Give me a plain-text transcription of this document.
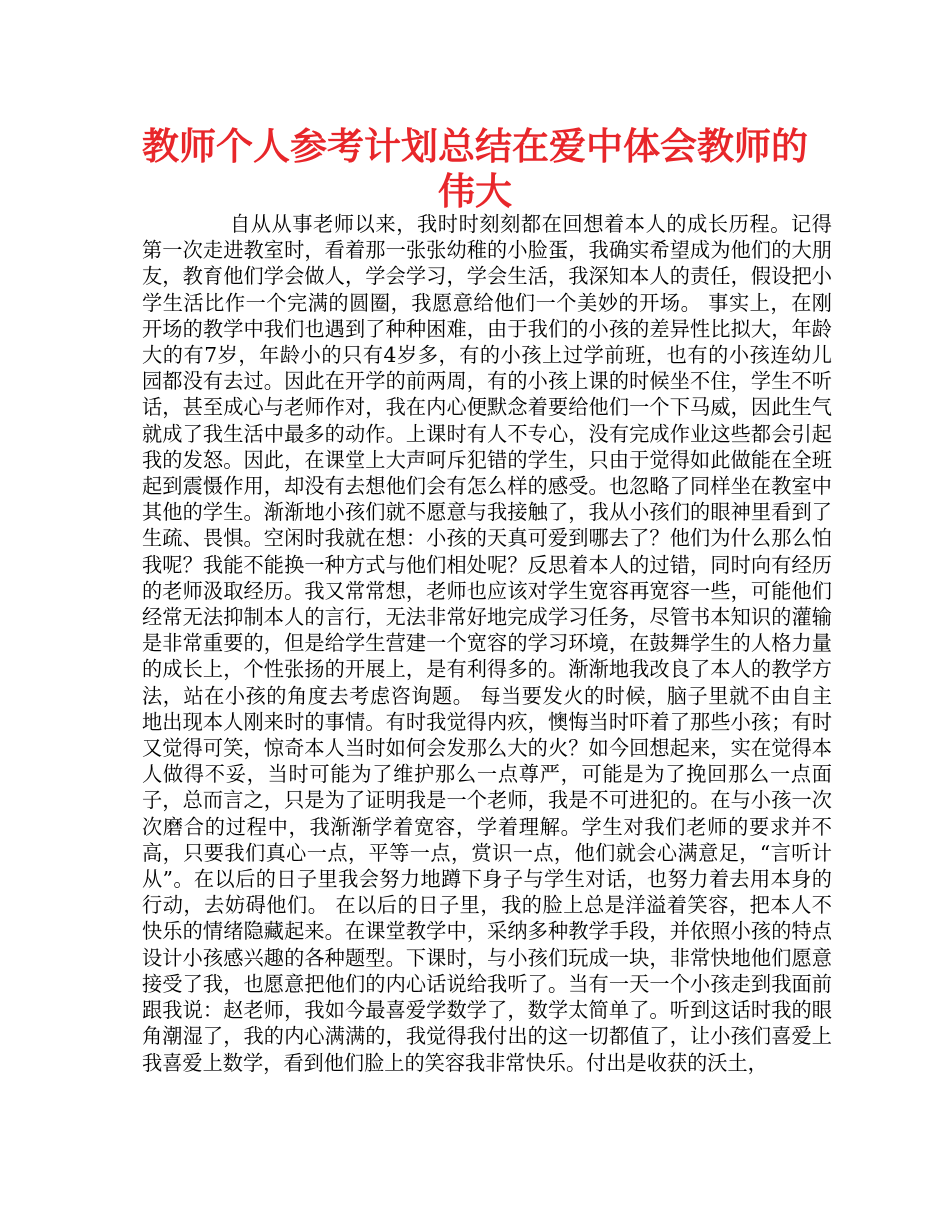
教师个人参考计划总结在爱中体会教师的伟大

自从从事老师以来，我时时刻刻都在回想着本人的成长历程。记得第一次走进教室时，看着那一张张幼稚的小脸蛋，我确实希望成为他们的大朋友，教育他们学会做人，学会学习，学会生活，我深知本人的责任，假设把小学生活比作一个完满的圆圈，我愿意给他们一个美妙的开场。 事实上，在刚开场的教学中我们也遇到了种种困难，由于我们的小孩的差异性比拟大，年龄大的有7岁，年龄小的只有4岁多，有的小孩上过学前班，也有的小孩连幼儿园都没有去过。因此在开学的前两周，有的小孩上课的时候坐不住，学生不听话，甚至成心与老师作对，我在内心便默念着要给他们一个下马威，因此生气就成了我生活中最多的动作。上课时有人不专心，没有完成作业这些都会引起我的发怒。因此，在课堂上大声呵斥犯错的学生，只由于觉得如此做能在全班起到震慑作用，却没有去想他们会有怎么样的感受。也忽略了同样坐在教室中其他的学生。渐渐地小孩们就不愿意与我接触了，我从小孩们的眼神里看到了生疏、畏惧。空闲时我就在想：小孩的天真可爱到哪去了？他们为什么那么怕我呢？我能不能换一种方式与他们相处呢？反思着本人的过错，同时向有经历的老师汲取经历。我又常常想，老师也应该对学生宽容再宽容一些，可能他们经常无法抑制本人的言行，无法非常好地完成学习任务，尽管书本知识的灌输是非常重要的，但是给学生营建一个宽容的学习环境，在鼓舞学生的人格力量的成长上，个性张扬的开展上，是有利得多的。渐渐地我改良了本人的教学方法，站在小孩的角度去考虑咨询题。 每当要发火的时候，脑子里就不由自主地出现本人刚来时的事情。有时我觉得内疚，懊悔当时吓着了那些小孩；有时又觉得可笑，惊奇本人当时如何会发那么大的火？如今回想起来，实在觉得本人做得不妥，当时可能为了维护那么一点尊严，可能是为了挽回那么一点面子，总而言之，只是为了证明我是一个老师，我是不可进犯的。在与小孩一次次磨合的过程中，我渐渐学着宽容，学着理解。学生对我们老师的要求并不高，只要我们真心一点，平等一点，赏识一点，他们就会心满意足，“言听计从”。在以后的日子里我会努力地蹲下身子与学生对话，也努力着去用本身的行动，去妨碍他们。 在以后的日子里，我的脸上总是洋溢着笑容，把本人不快乐的情绪隐藏起来。在课堂教学中，采纳多种教学手段，并依照小孩的特点设计小孩感兴趣的各种题型。下课时，与小孩们玩成一块，非常快地他们愿意接受了我，也愿意把他们的内心话说给我听了。当有一天一个小孩走到我面前跟我说：赵老师，我如今最喜爱学数学了，数学太简单了。听到这话时我的眼角潮湿了，我的内心满满的，我觉得我付出的这一切都值了，让小孩们喜爱上我喜爱上数学，看到他们脸上的笑容我非常快乐。付出是收获的沃土，
